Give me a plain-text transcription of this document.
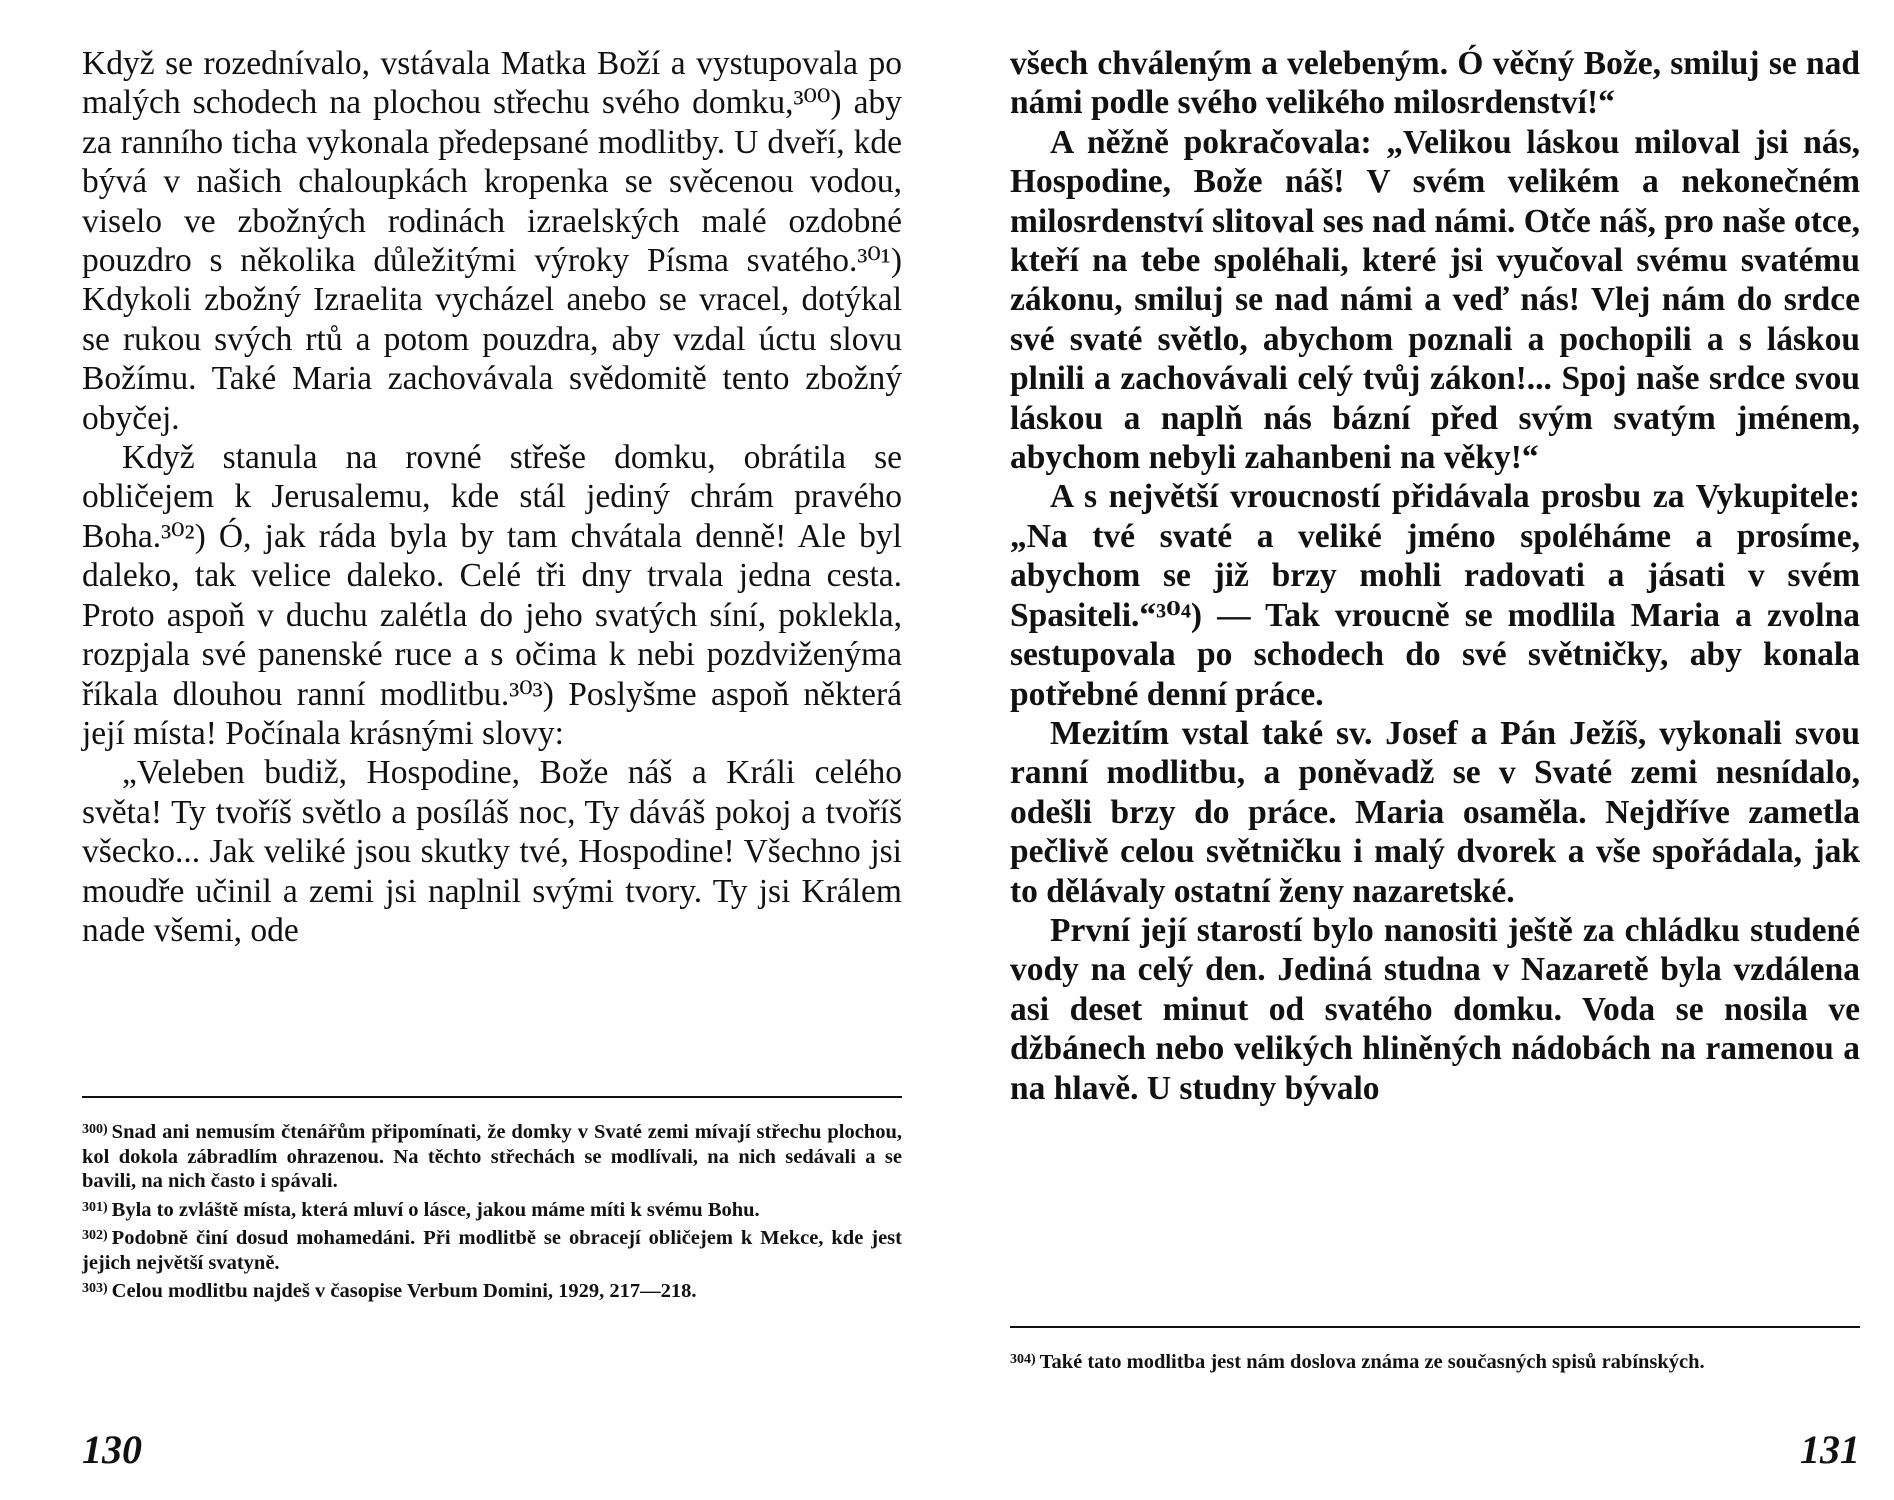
Když se rozednívalo, vstávala Matka Boží a vystupovala po malých schodech na plochou střechu svého domku,³⁰⁰) aby za ranního ticha vykonala předepsané modlitby. U dveří, kde bývá v našich chaloupkách kropenka se svěcenou vodou, viselo ve zbožných rodinách izraelských malé ozdobné pouzdro s několika důležitými výroky Písma svatého.³⁰¹) Kdykoli zbožný Izraelita vycházel anebo se vracel, dotýkal se rukou svých rtů a potom pouzdra, aby vzdal úctu slovu Božímu. Také Maria zachovávala svědomitě tento zbožný obyčej.

Když stanula na rovné střeše domku, obrátila se obličejem k Jerusalemu, kde stál jediný chrám pravého Boha.³⁰²) Ó, jak ráda byla by tam chvátala denně! Ale byl daleko, tak velice daleko. Celé tři dny trvala jedna cesta. Proto aspoň v duchu zalétla do jeho svatých síní, poklekla, rozpjala své panenské ruce a s očima k nebi pozdviženýma říkala dlouhou ranní modlitbu.³⁰³) Poslyšme aspoň některá její místa! Počínala krásnými slovy:

„Veleben budiž, Hospodine, Bože náš a Králi celého světa! Ty tvoříš světlo a posíláš noc, Ty dáváš pokoj a tvoříš všecko... Jak veliké jsou skutky tvé, Hospodine! Všechno jsi moudře učinil a zemi jsi naplnil svými tvory. Ty jsi Králem nade všemi, ode

$^{300)}$ Snad ani nemusím čtenářům připomínati, že domky v Svaté zemi mívají střechu plochou, kol dokola zábradlím ohrazenou. Na těchto střechách se modlívali, na nich sedávali a se bavili, na nich často i spávali.

$^{301)}$ Byla to zvláště místa, která mluví o lásce, jakou máme míti k svému Bohu.

$^{302)}$ Podobně činí dosud mohamedáni. Při modlitbě se obracejí obličejem k Mekce, kde jest jejich největší svatyně.

$^{303)}$ Celou modlitbu najdeš v časopise Verbum Domini, 1929, 217—218.

130

všech chváleným a velebeným. Ó věčný Bože, smiluj se nad námi podle svého velikého milosrdenství!“

A něžně pokračovala: „Velikou láskou miloval jsi nás, Hospodine, Bože náš! V svém velikém a nekonečném milosrdenství slitoval ses nad námi. Otče náš, pro naše otce, kteří na tebe spoléhali, které jsi vyučoval svému svatému zákonu, smiluj se nad námi a veď nás! Vlej nám do srdce své svaté světlo, abychom poznali a pochopili a s láskou plnili a zachovávali celý tvůj zákon!... Spoj naše srdce svou láskou a naplň nás bázní před svým svatým jménem, abychom nebyli zahanbeni na věky!“

A s největší vroucností přidávala prosbu za Vykupitele: „Na tvé svaté a veliké jméno spoléháme a prosíme, abychom se již brzy mohli radovati a jásati v svém Spasiteli.“³⁰⁴) — Tak vroucně se modlila Maria a zvolna sestupovala po schodech do své světničky, aby konala potřebné denní práce.

Mezitím vstal také sv. Josef a Pán Ježíš, vykonali svou ranní modlitbu, a poněvadž se v Svaté zemi nesnídalo, odešli brzy do práce. Maria osaměla. Nejdříve zametla pečlivě celou světničku i malý dvorek a vše spořádala, jak to dělávaly ostatní ženy nazaretské.

První její starostí bylo nanositi ještě za chládku studené vody na celý den. Jediná studna v Nazaretě byla vzdálena asi deset minut od svatého domku. Voda se nosila ve džbánech nebo velikých hliněných nádobách na ramenou a na hlavě. U studny bývalo

$^{304)}$ Také tato modlitba jest nám doslova známa ze současných spisů rabínských.

131
